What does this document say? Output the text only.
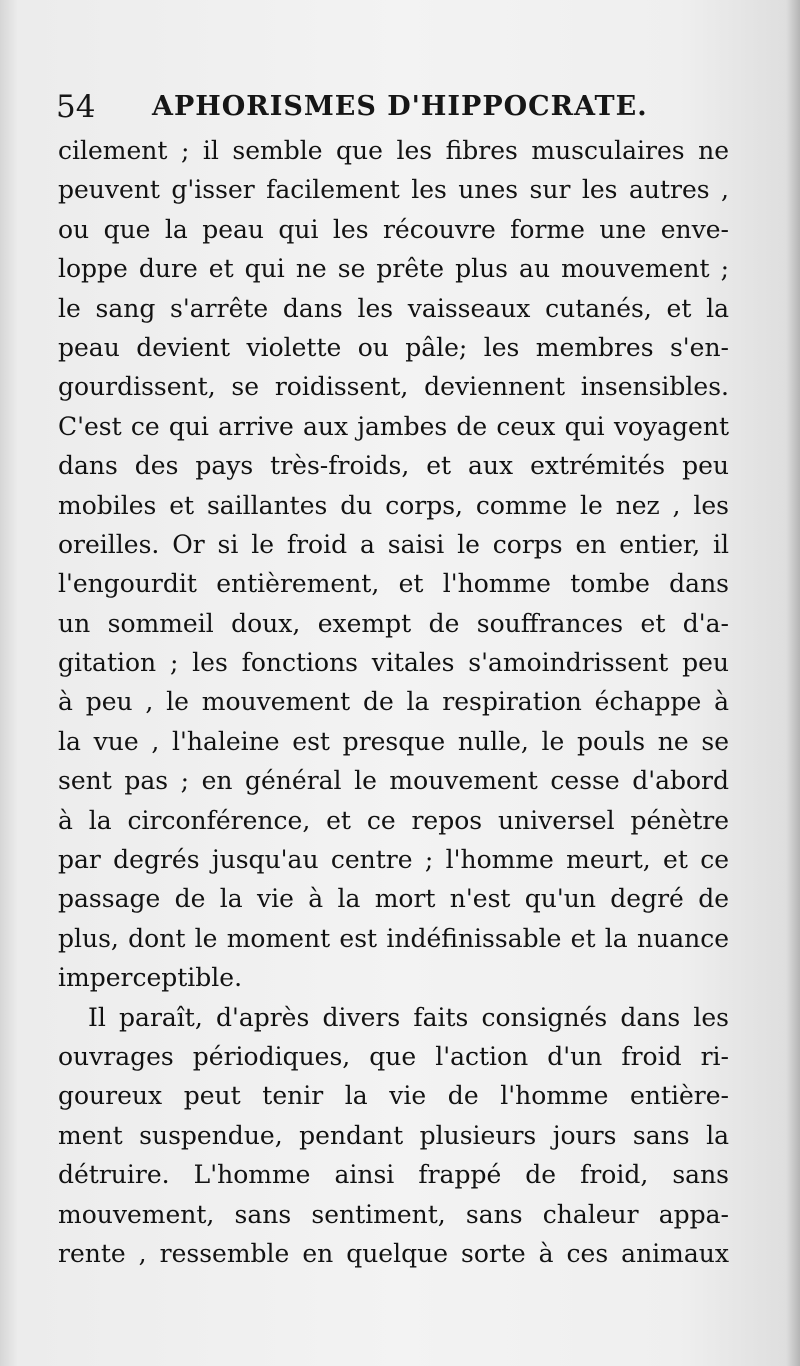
54 APHORISMES D'HIPPOCRATE.
cilement ; il semble que les fibres musculaires ne
peuvent g'isser facilement les unes sur les autres ,
ou que la peau qui les récouvre forme une enve-
loppe dure et qui ne se prête plus au mouvement ;
le sang s'arrête dans les vaisseaux cutanés, et la
peau devient violette ou pâle; les membres s'en-
gourdissent, se roidissent, deviennent insensibles.
C'est ce qui arrive aux jambes de ceux qui voyagent
dans des pays très-froids, et aux extrémités peu
mobiles et saillantes du corps, comme le nez , les
oreilles. Or si le froid a saisi le corps en entier, il
l'engourdit entièrement, et l'homme tombe dans
un sommeil doux, exempt de souffrances et d'a-
gitation ; les fonctions vitales s'amoindrissent peu
à peu , le mouvement de la respiration échappe à
la vue , l'haleine est presque nulle, le pouls ne se
sent pas ; en général le mouvement cesse d'abord
à la circonférence, et ce repos universel pénètre
par degrés jusqu'au centre ; l'homme meurt, et ce
passage de la vie à la mort n'est qu'un degré de
plus, dont le moment est indéfinissable et la nuance
imperceptible.
Il paraît, d'après divers faits consignés dans les
ouvrages périodiques, que l'action d'un froid ri-
goureux peut tenir la vie de l'homme entière-
ment suspendue, pendant plusieurs jours sans la
détruire. L'homme ainsi frappé de froid, sans
mouvement, sans sentiment, sans chaleur appa-
rente , ressemble en quelque sorte à ces animaux
